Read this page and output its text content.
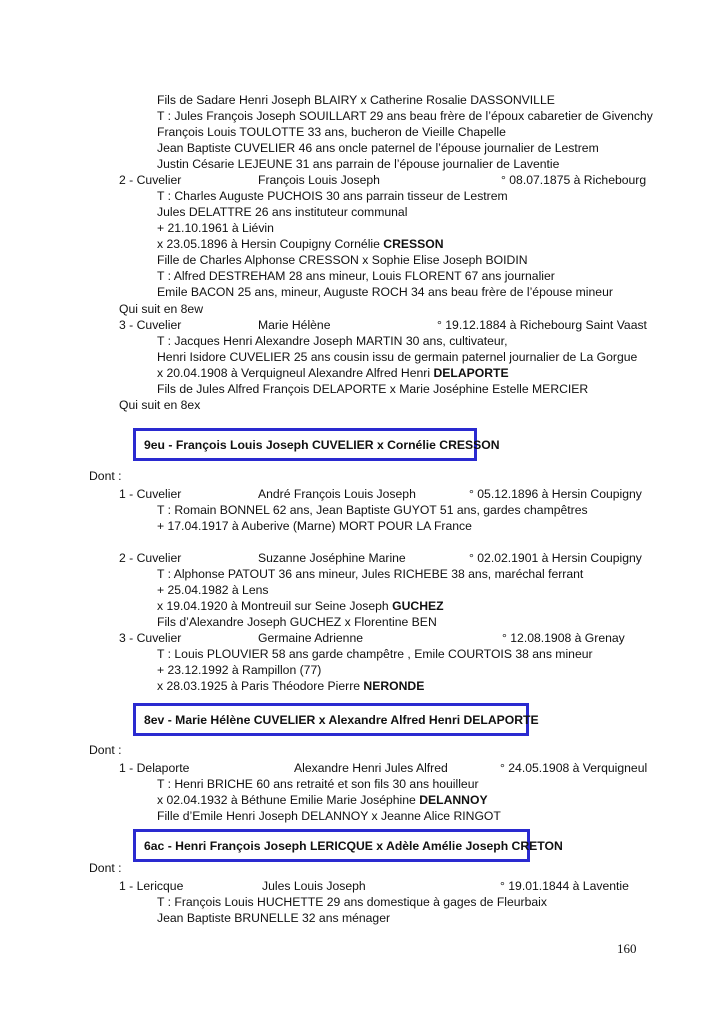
Fils de Sadare Henri Joseph BLAIRY x Catherine Rosalie DASSONVILLE
T : Jules François Joseph SOUILLART 29 ans beau frère de l’époux cabaretier de Givenchy
François Louis TOULOTTE 33 ans, bucheron de Vieille Chapelle
Jean Baptiste CUVELIER 46 ans oncle paternel de l’épouse journalier de Lestrem
Justin Césarie LEJEUNE 31 ans parrain de l’épouse journalier de Laventie
2 - Cuvelier	François Louis Joseph	° 08.07.1875 à Richebourg
T : Charles Auguste PUCHOIS 30 ans parrain tisseur de Lestrem
Jules DELATTRE 26 ans instituteur communal
+ 21.10.1961 à Liévin
x 23.05.1896 à Hersin Coupigny Cornélie CRESSON
Fille de Charles Alphonse CRESSON x Sophie Elise Joseph BOIDIN
T : Alfred DESTREHAM 28 ans mineur, Louis FLORENT 67 ans journalier
Emile BACON 25 ans, mineur, Auguste ROCH 34 ans beau frère de l’épouse mineur
Qui suit en 8ew
3 - Cuvelier	Marie Hélène	° 19.12.1884 à Richebourg Saint Vaast
T : Jacques Henri Alexandre Joseph MARTIN 30 ans, cultivateur,
Henri Isidore CUVELIER 25 ans cousin issu de germain paternel journalier de La Gorgue
x 20.04.1908 à Verquigneul Alexandre Alfred Henri DELAPORTE
Fils de Jules Alfred François DELAPORTE x Marie Joséphine Estelle MERCIER
Qui suit en 8ex
9eu - François Louis Joseph CUVELIER x Cornélie CRESSON
Dont :
1 - Cuvelier	André François Louis Joseph	° 05.12.1896 à Hersin Coupigny
T : Romain BONNEL 62 ans, Jean Baptiste GUYOT 51 ans, gardes champêtres
+ 17.04.1917 à Auberive (Marne) MORT POUR LA France
2 - Cuvelier	Suzanne Joséphine Marine	° 02.02.1901 à Hersin Coupigny
T : Alphonse PATOUT 36 ans mineur, Jules RICHEBE 38 ans, maréchal ferrant
+ 25.04.1982 à Lens
x 19.04.1920 à Montreuil sur Seine Joseph GUCHEZ
Fils d’Alexandre Joseph GUCHEZ x Florentine BEN
3 - Cuvelier	Germaine Adrienne	° 12.08.1908 à Grenay
T : Louis PLOUVIER 58 ans garde champêtre , Emile COURTOIS 38 ans mineur
+ 23.12.1992 à Rampillon (77)
x 28.03.1925 à Paris Théodore Pierre NERONDE
8ev - Marie Hélène CUVELIER x Alexandre Alfred Henri DELAPORTE
Dont :
1 - Delaporte	Alexandre Henri Jules Alfred	° 24.05.1908 à Verquigneul
T : Henri BRICHE 60 ans retraité et son fils 30 ans houilleur
x 02.04.1932 à Béthune Emilie Marie Joséphine DELANNOY
Fille d’Emile Henri Joseph DELANNOY x Jeanne Alice RINGOT
6ac - Henri François Joseph LERICQUE x Adèle Amélie Joseph CRETON
Dont :
1 - Lericque	Jules Louis Joseph	° 19.01.1844 à Laventie
T : François Louis HUCHETTE 29 ans domestique à gages de Fleurbaix
Jean Baptiste BRUNELLE 32 ans ménager
160
